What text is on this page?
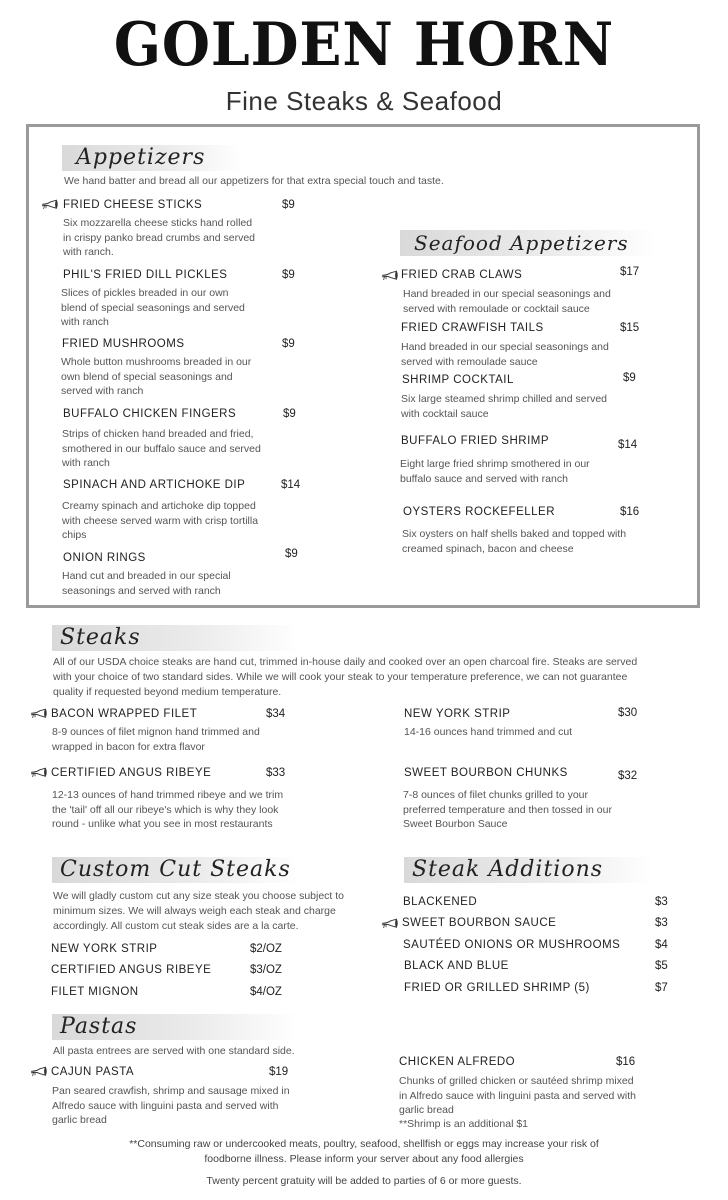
GOLDEN HORN
Fine Steaks & Seafood
Appetizers
We hand batter and bread all our appetizers for that extra special touch and taste.
FRIED CHEESE STICKS	$9
Six mozzarella cheese sticks hand rolled in crispy panko bread crumbs and served with ranch.
PHIL'S FRIED DILL PICKLES	$9
Slices of pickles breaded in our own blend of special seasonings and served with ranch
FRIED MUSHROOMS	$9
Whole button mushrooms breaded in our own blend of special seasonings and served with ranch
BUFFALO CHICKEN FINGERS	$9
Strips of chicken hand breaded and fried, smothered in our buffalo sauce and served with ranch
SPINACH AND ARTICHOKE DIP	$14
Creamy spinach and artichoke dip topped with cheese served warm with crisp tortilla chips
ONION RINGS	$9
Hand cut and breaded in our special seasonings and served with ranch
Seafood Appetizers
FRIED CRAB CLAWS	$17
Hand breaded in our special seasonings and served with remoulade or cocktail sauce
FRIED CRAWFISH TAILS	$15
Hand breaded in our special seasonings and served with remoulade sauce
SHRIMP COCKTAIL	$9
Six large steamed shrimp chilled and served with cocktail sauce
BUFFALO FRIED SHRIMP	$14
Eight large fried shrimp smothered in our buffalo sauce and served with ranch
OYSTERS ROCKEFELLER	$16
Six oysters on half shells baked and topped with creamed spinach, bacon and cheese
Steaks
All of our USDA choice steaks are hand cut, trimmed in-house daily and cooked over an open charcoal fire. Steaks are served with your choice of two standard sides. While we will cook your steak to your temperature preference, we can not guarantee quality if requested beyond medium temperature.
BACON WRAPPED FILET	$34
8-9 ounces of filet mignon hand trimmed and wrapped in bacon for extra flavor
NEW YORK STRIP	$30
14-16 ounces hand trimmed and cut
CERTIFIED ANGUS RIBEYE	$33
12-13 ounces of hand trimmed ribeye and we trim the 'tail' off all our ribeye's which is why they look round - unlike what you see in most restaurants
SWEET BOURBON CHUNKS	$32
7-8 ounces of filet chunks grilled to your preferred temperature and then tossed in our Sweet Bourbon Sauce
Custom Cut Steaks
We will gladly custom cut any size steak you choose subject to minimum sizes. We will always weigh each steak and charge accordingly. All custom cut steak sides are a la carte.
NEW YORK STRIP	$2/OZ
CERTIFIED ANGUS RIBEYE	$3/OZ
FILET MIGNON	$4/OZ
Steak Additions
BLACKENED	$3
SWEET BOURBON SAUCE	$3
SAUTÉED ONIONS OR MUSHROOMS	$4
BLACK AND BLUE	$5
FRIED OR GRILLED SHRIMP (5)	$7
Pastas
All pasta entrees are served with one standard side.
CAJUN PASTA	$19
Pan seared crawfish, shrimp and sausage mixed in Alfredo sauce with linguini pasta and served with garlic bread
CHICKEN ALFREDO	$16
Chunks of grilled chicken or sautéed shrimp mixed in Alfredo sauce with linguini pasta and served with garlic bread
**Shrimp is an additional $1
**Consuming raw or undercooked meats, poultry, seafood, shellfish or eggs may increase your risk of foodborne illness. Please inform your server about any food allergies
Twenty percent gratuity will be added to parties of 6 or more guests.
